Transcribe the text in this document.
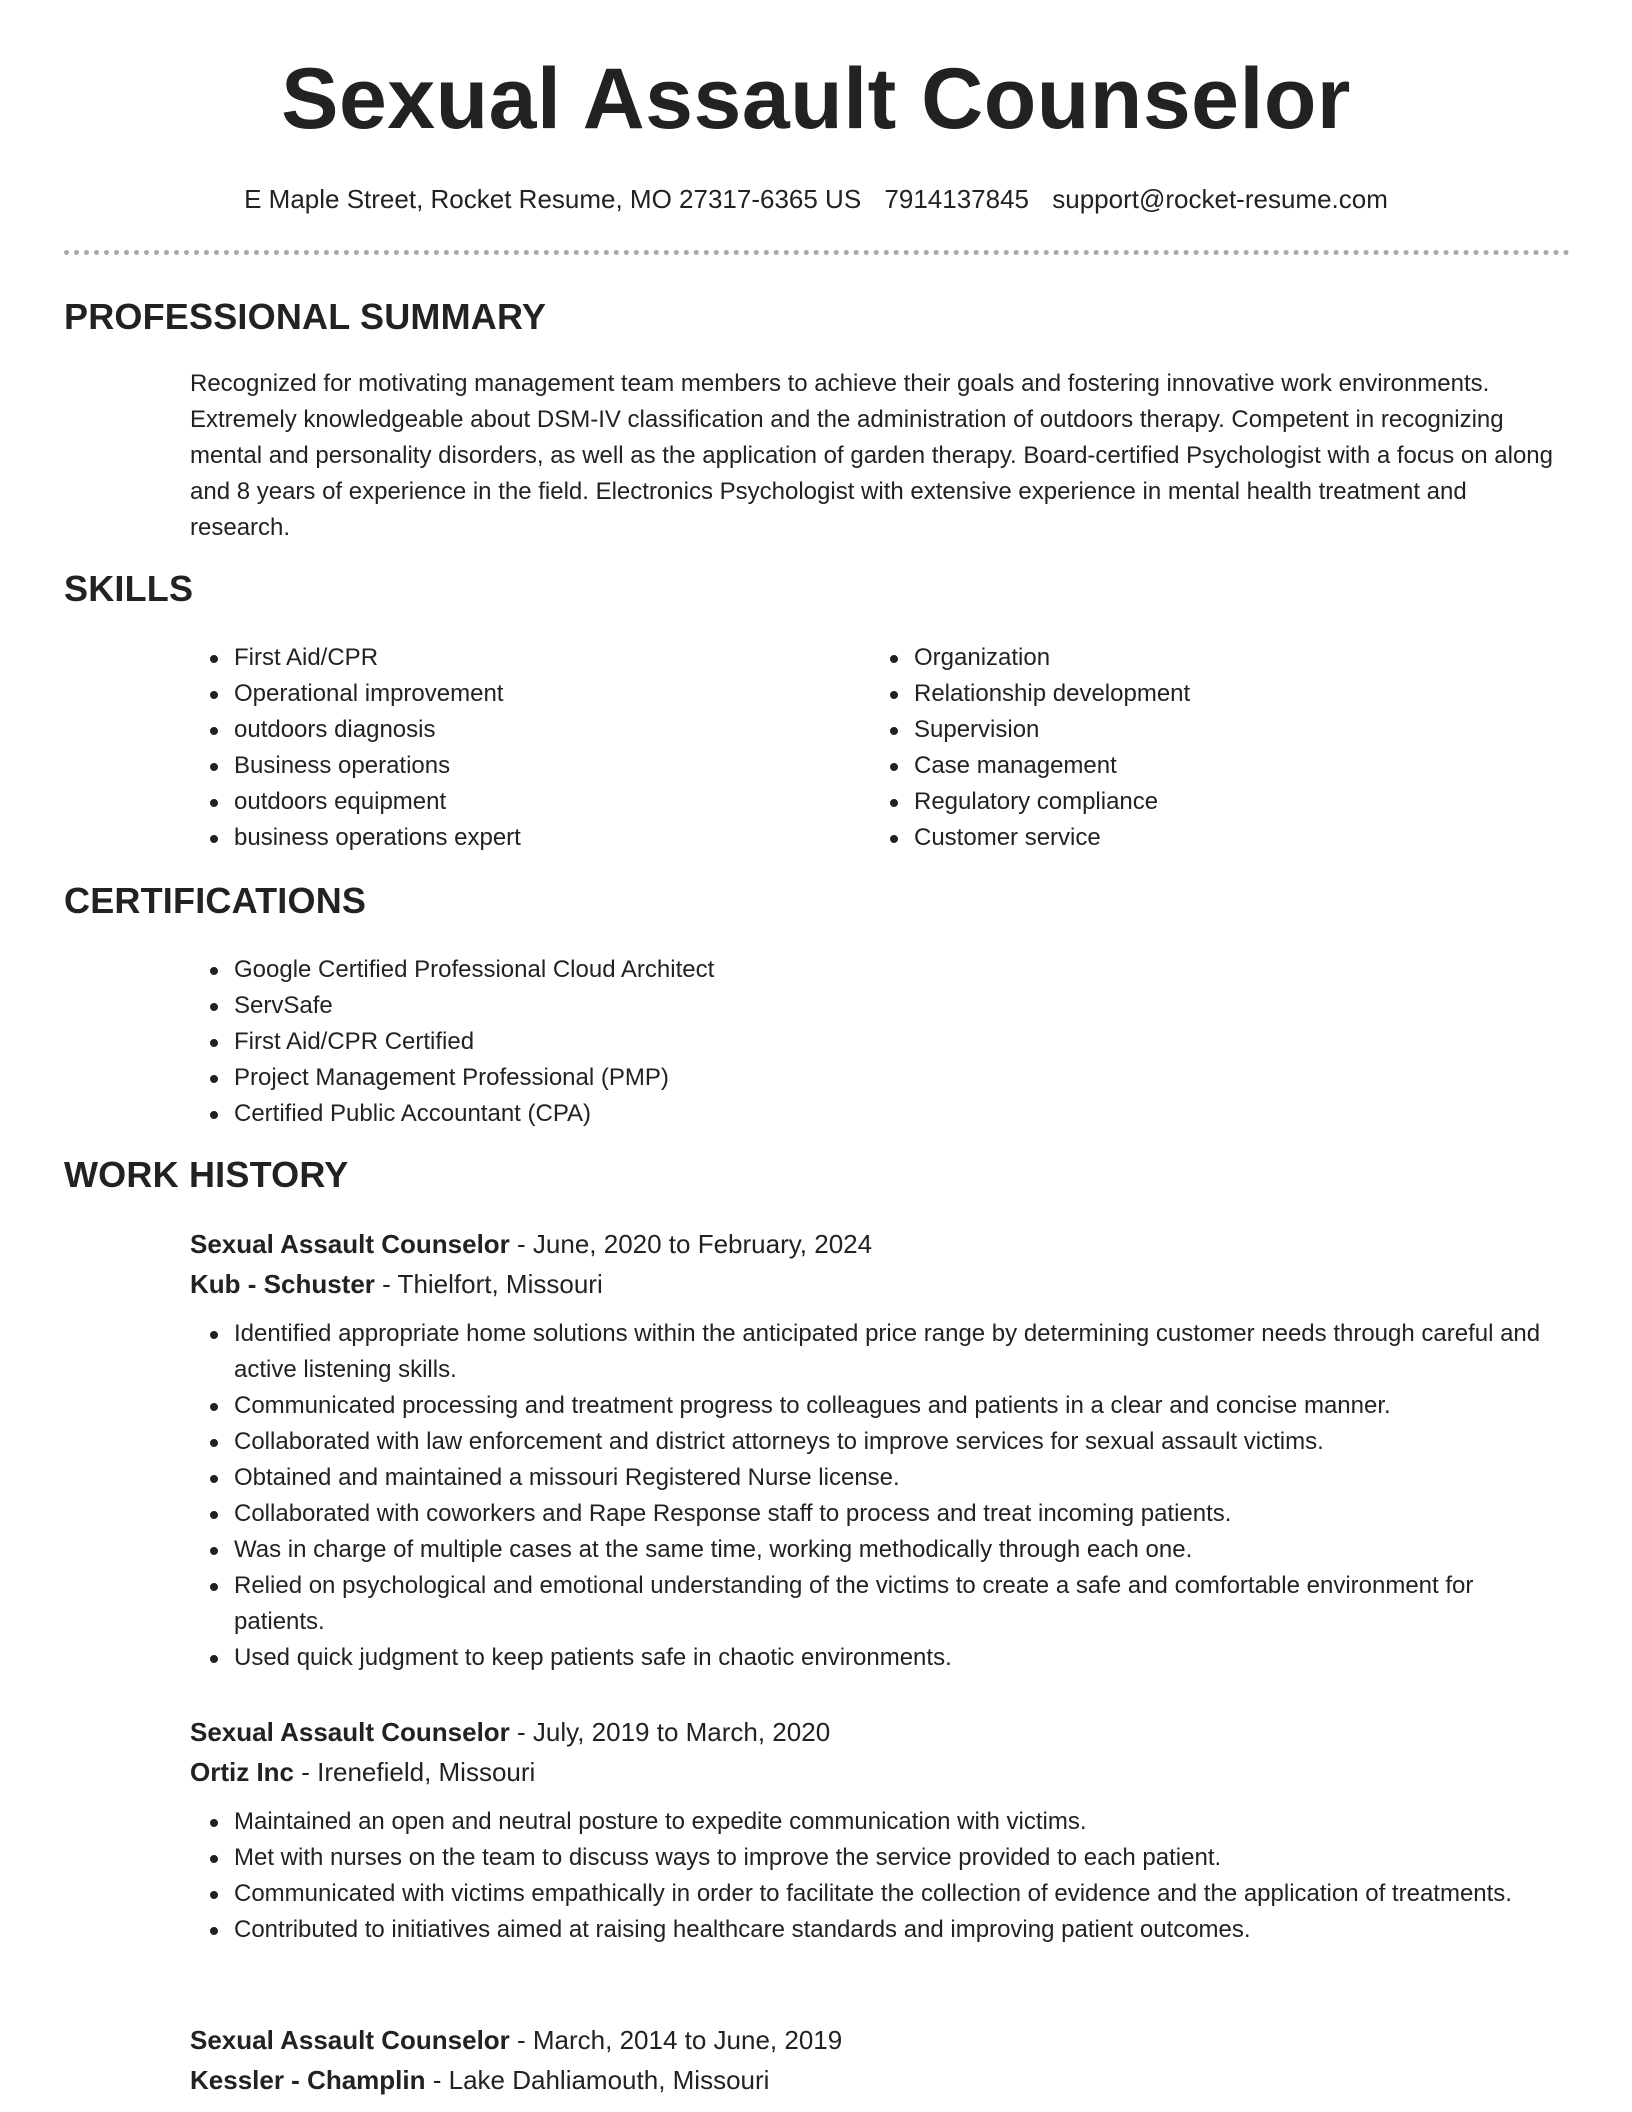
Sexual Assault Counselor
E Maple Street, Rocket Resume, MO 27317-6365 US 7914137845 support@rocket-resume.com
PROFESSIONAL SUMMARY

Recognized for motivating management team members to achieve their goals and fostering innovative work environments. Extremely knowledgeable about DSM-IV classification and the administration of outdoors therapy. Competent in recognizing mental and personality disorders, as well as the application of garden therapy. Board-certified Psychologist with a focus on along and 8 years of experience in the field. Electronics Psychologist with extensive experience in mental health treatment and research.

SKILLS
First Aid/CPR
Operational improvement
outdoors diagnosis
Business operations
outdoors equipment
business operations expert
Organization
Relationship development
Supervision
Case management
Regulatory compliance
Customer service
CERTIFICATIONS
Google Certified Professional Cloud Architect
ServSafe
First Aid/CPR Certified
Project Management Professional (PMP)
Certified Public Accountant (CPA)
WORK HISTORY
Sexual Assault Counselor - June, 2020 to February, 2024
Kub - Schuster - Thielfort, Missouri
Identified appropriate home solutions within the anticipated price range by determining customer needs through careful and active listening skills.
Communicated processing and treatment progress to colleagues and patients in a clear and concise manner.
Collaborated with law enforcement and district attorneys to improve services for sexual assault victims.
Obtained and maintained a missouri Registered Nurse license.
Collaborated with coworkers and Rape Response staff to process and treat incoming patients.
Was in charge of multiple cases at the same time, working methodically through each one.
Relied on psychological and emotional understanding of the victims to create a safe and comfortable environment for patients.
Used quick judgment to keep patients safe in chaotic environments.
Sexual Assault Counselor - July, 2019 to March, 2020
Ortiz Inc - Irenefield, Missouri
Maintained an open and neutral posture to expedite communication with victims.
Met with nurses on the team to discuss ways to improve the service provided to each patient.
Communicated with victims empathically in order to facilitate the collection of evidence and the application of treatments.
Contributed to initiatives aimed at raising healthcare standards and improving patient outcomes.
Sexual Assault Counselor - March, 2014 to June, 2019
Kessler - Champlin - Lake Dahliamouth, Missouri
